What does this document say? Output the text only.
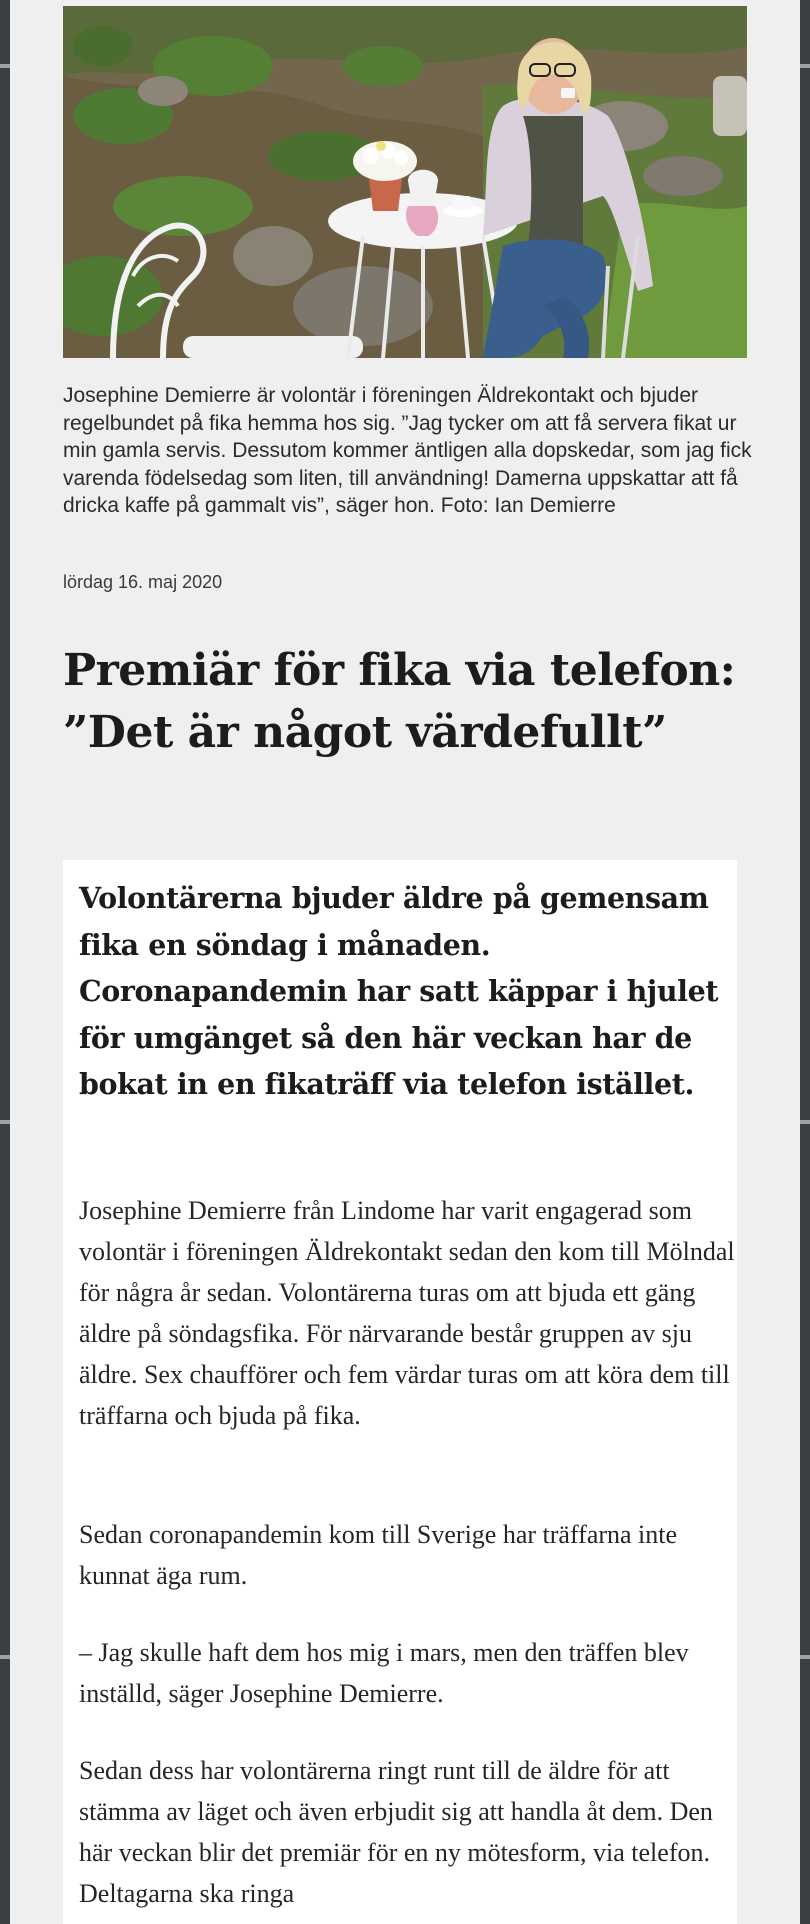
Josephine Demierre är volontär i föreningen Äldrekontakt och bjuder regelbundet på fika hemma hos sig. ”Jag tycker om att få servera fikat ur min gamla servis. Dessutom kommer äntligen alla dopskedar, som jag fick varenda födelsedag som liten, till användning! Damerna uppskattar att få dricka kaffe på gammalt vis”, säger hon. Foto: Ian Demierre

lördag 16. maj 2020

Premiär för fika via telefon: ”Det är något värdefullt”

Volontärerna bjuder äldre på gemensam fika en söndag i månaden. Coronapandemin har satt käppar i hjulet för umgänget så den här veckan har de bokat in en fikaträff via telefon istället.

Josephine Demierre från Lindome har varit engagerad som volontär i föreningen Äldrekontakt sedan den kom till Mölndal för några år sedan. Volontärerna turas om att bjuda ett gäng äldre på söndagsfika. För närvarande består gruppen av sju äldre. Sex chaufförer och fem värdar turas om att köra dem till träffarna och bjuda på fika.

Sedan coronapandemin kom till Sverige har träffarna inte kunnat äga rum.

– Jag skulle haft dem hos mig i mars, men den träffen blev inställd, säger Josephine Demierre.

Sedan dess har volontärerna ringt runt till de äldre för att stämma av läget och även erbjudit sig att handla åt dem. Den här veckan blir det premiär för en ny mötesform, via telefon. Deltagarna ska ringa
